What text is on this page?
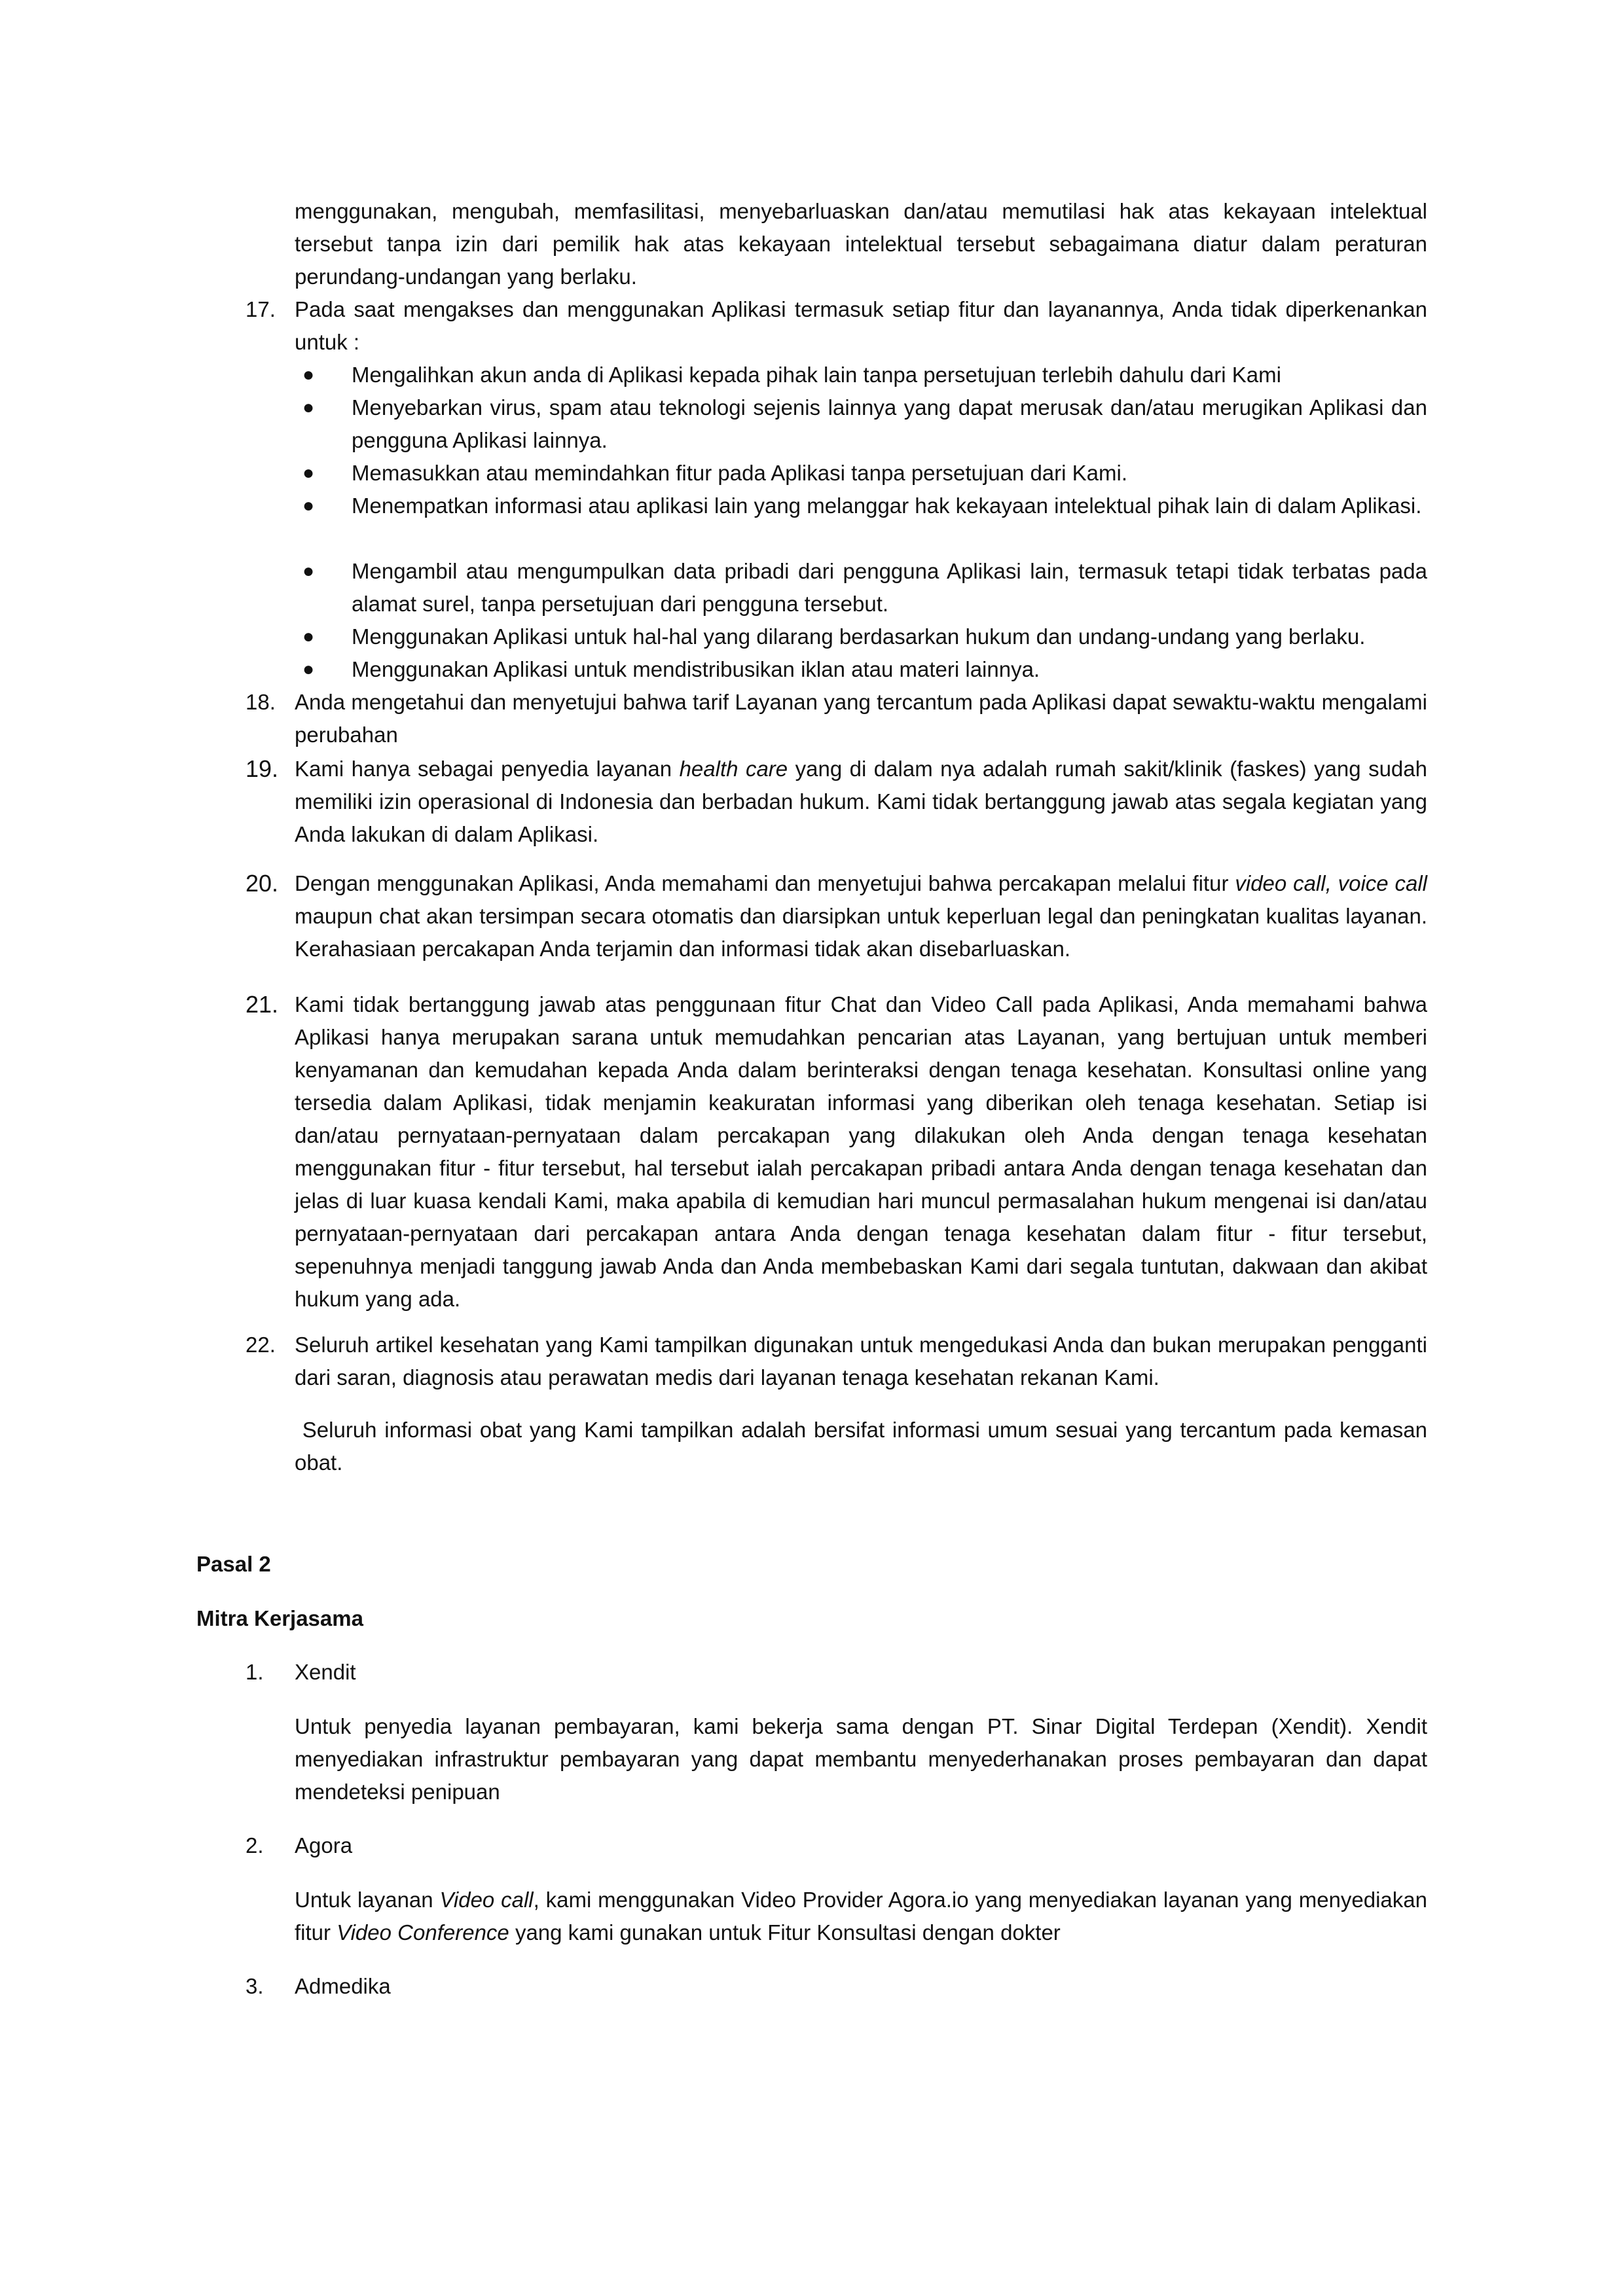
menggunakan, mengubah, memfasilitasi, menyebarluaskan dan/atau memutilasi hak atas kekayaan intelektual tersebut tanpa izin dari pemilik hak atas kekayaan intelektual tersebut sebagaimana diatur dalam peraturan perundang-undangan yang berlaku.
17. Pada saat mengakses dan menggunakan Aplikasi termasuk setiap fitur dan layanannya, Anda tidak diperkenankan untuk :
● Mengalihkan akun anda di Aplikasi kepada pihak lain tanpa persetujuan terlebih dahulu dari Kami
● Menyebarkan virus, spam atau teknologi sejenis lainnya yang dapat merusak dan/atau merugikan Aplikasi dan pengguna Aplikasi lainnya.
● Memasukkan atau memindahkan fitur pada Aplikasi tanpa persetujuan dari Kami.
● Menempatkan informasi atau aplikasi lain yang melanggar hak kekayaan intelektual pihak lain di dalam Aplikasi.
● Mengambil atau mengumpulkan data pribadi dari pengguna Aplikasi lain, termasuk tetapi tidak terbatas pada alamat surel, tanpa persetujuan dari pengguna tersebut.
● Menggunakan Aplikasi untuk hal-hal yang dilarang berdasarkan hukum dan undang-undang yang berlaku.
● Menggunakan Aplikasi untuk mendistribusikan iklan atau materi lainnya.
18. Anda mengetahui dan menyetujui bahwa tarif Layanan yang tercantum pada Aplikasi dapat sewaktu-waktu mengalami perubahan
19. Kami hanya sebagai penyedia layanan health care yang di dalam nya adalah rumah sakit/klinik (faskes) yang sudah memiliki izin operasional di Indonesia dan berbadan hukum. Kami tidak bertanggung jawab atas segala kegiatan yang Anda lakukan di dalam Aplikasi.
20. Dengan menggunakan Aplikasi, Anda memahami dan menyetujui bahwa percakapan melalui fitur video call, voice call maupun chat akan tersimpan secara otomatis dan diarsipkan untuk keperluan legal dan peningkatan kualitas layanan. Kerahasiaan percakapan Anda terjamin dan informasi tidak akan disebarluaskan.
21. Kami tidak bertanggung jawab atas penggunaan fitur Chat dan Video Call pada Aplikasi, Anda memahami bahwa Aplikasi hanya merupakan sarana untuk memudahkan pencarian atas Layanan, yang bertujuan untuk memberi kenyamanan dan kemudahan kepada Anda dalam berinteraksi dengan tenaga kesehatan. Konsultasi online yang tersedia dalam Aplikasi, tidak menjamin keakuratan informasi yang diberikan oleh tenaga kesehatan. Setiap isi dan/atau pernyataan-pernyataan dalam percakapan yang dilakukan oleh Anda dengan tenaga kesehatan menggunakan fitur - fitur tersebut, hal tersebut ialah percakapan pribadi antara Anda dengan tenaga kesehatan dan jelas di luar kuasa kendali Kami, maka apabila di kemudian hari muncul permasalahan hukum mengenai isi dan/atau pernyataan-pernyataan dari percakapan antara Anda dengan tenaga kesehatan dalam fitur - fitur tersebut, sepenuhnya menjadi tanggung jawab Anda dan Anda membebaskan Kami dari segala tuntutan, dakwaan dan akibat hukum yang ada.
22. Seluruh artikel kesehatan yang Kami tampilkan digunakan untuk mengedukasi Anda dan bukan merupakan pengganti dari saran, diagnosis atau perawatan medis dari layanan tenaga kesehatan rekanan Kami.
Seluruh informasi obat yang Kami tampilkan adalah bersifat informasi umum sesuai yang tercantum pada kemasan obat.
Pasal 2
Mitra Kerjasama
1. Xendit
Untuk penyedia layanan pembayaran, kami bekerja sama dengan PT. Sinar Digital Terdepan (Xendit). Xendit menyediakan infrastruktur pembayaran yang dapat membantu menyederhanakan proses pembayaran dan dapat mendeteksi penipuan
2. Agora
Untuk layanan Video call, kami menggunakan Video Provider Agora.io yang menyediakan layanan yang menyediakan fitur Video Conference yang kami gunakan untuk Fitur Konsultasi dengan dokter
3. Admedika
